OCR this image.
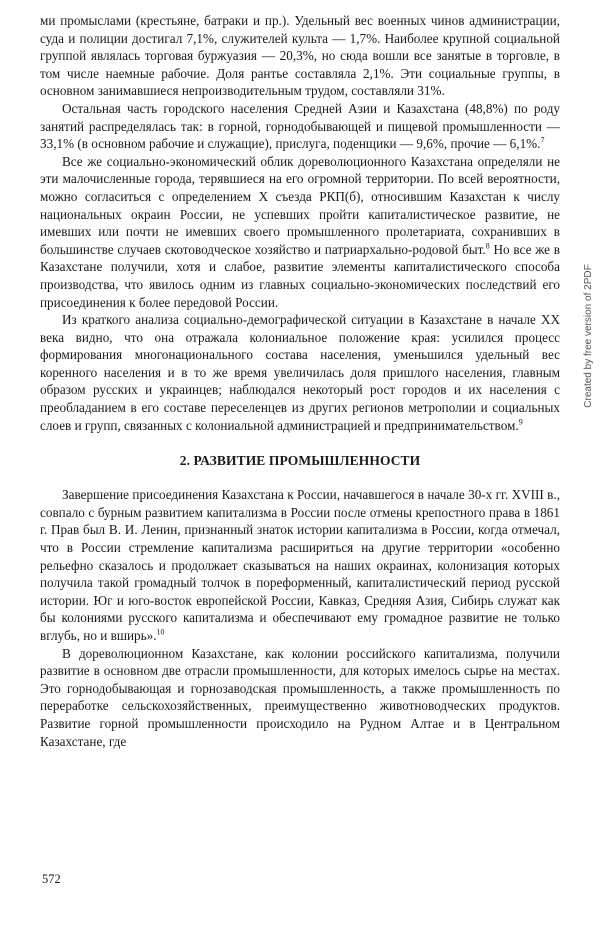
ми промыслами (крестьяне, батраки и пр.). Удельный вес военных чинов администрации, суда и полиции достигал 7,1%, служителей культа — 1,7%. Наиболее крупной социальной группой являлась торговая буржуазия — 20,3%, но сюда вошли все занятые в торговле, в том числе наемные рабочие. Доля рантье составляла 2,1%. Эти социальные группы, в основном занимавшиеся непроизводительным трудом, составляли 31%.

Остальная часть городского населения Средней Азии и Казахстана (48,8%) по роду занятий распределялась так: в горной, горнодобывающей и пищевой промышленности — 33,1% (в основном рабочие и служащие), прислуга, поденщики — 9,6%, прочие — 6,1%.$^7$

Все же социально-экономический облик дореволюционного Казахстана определяли не эти малочисленные города, терявшиеся на его огромной территории. По всей вероятности, можно согласиться с определением X съезда РКП(б), относившим Казахстан к числу национальных окраин России, не успевших пройти капиталистическое развитие, не имевших или почти не имевших своего промышленного пролетариата, сохранивших в большинстве случаев скотоводческое хозяйство и патриархально-родовой быт.$^8$ Но все же в Казахстане получили, хотя и слабое, развитие элементы капиталистического способа производства, что явилось одним из главных социально-экономических последствий его присоединения к более передовой России.

Из краткого анализа социально-демографической ситуации в Казахстане в начале XX века видно, что она отражала колониальное положение края: усилился процесс формирования многонационального состава населения, уменьшился удельный вес коренного населения и в то же время увеличилась доля пришлого населения, главным образом русских и украинцев; наблюдался некоторый рост городов и их населения с преобладанием в его составе переселенцев из других регионов метрополии и социальных слоев и групп, связанных с колониальной администрацией и предпринимательством.$^9$

2. РАЗВИТИЕ ПРОМЫШЛЕННОСТИ

Завершение присоединения Казахстана к России, начавшегося в начале 30-х гг. XVIII в., совпало с бурным развитием капитализма в России после отмены крепостного права в 1861 г. Прав был В. И. Ленин, признанный знаток истории капитализма в России, когда отмечал, что в России стремление капитализма расшириться на другие территории «особенно рельефно сказалось и продолжает сказываться на наших окраинах, колонизация которых получила такой громадный толчок в пореформенный, капиталистический период русской истории. Юг и юго-восток европейской России, Кавказ, Средняя Азия, Сибирь служат как бы колониями русского капитализма и обеспечивают ему громадное развитие не только вглубь, но и вширь».$^{10}$

В дореволюционном Казахстане, как колонии российского капитализма, получили развитие в основном две отрасли промышленности, для которых имелось сырье на местах. Это горнодобывающая и горнозаводская промышленность, а также промышленность по переработке сельскохозяйственных, преимущественно животноводческих продуктов. Развитие горной промышленности происходило на Рудном Алтае и в Центральном Казахстане, где

572
Created by free version of 2PDF
